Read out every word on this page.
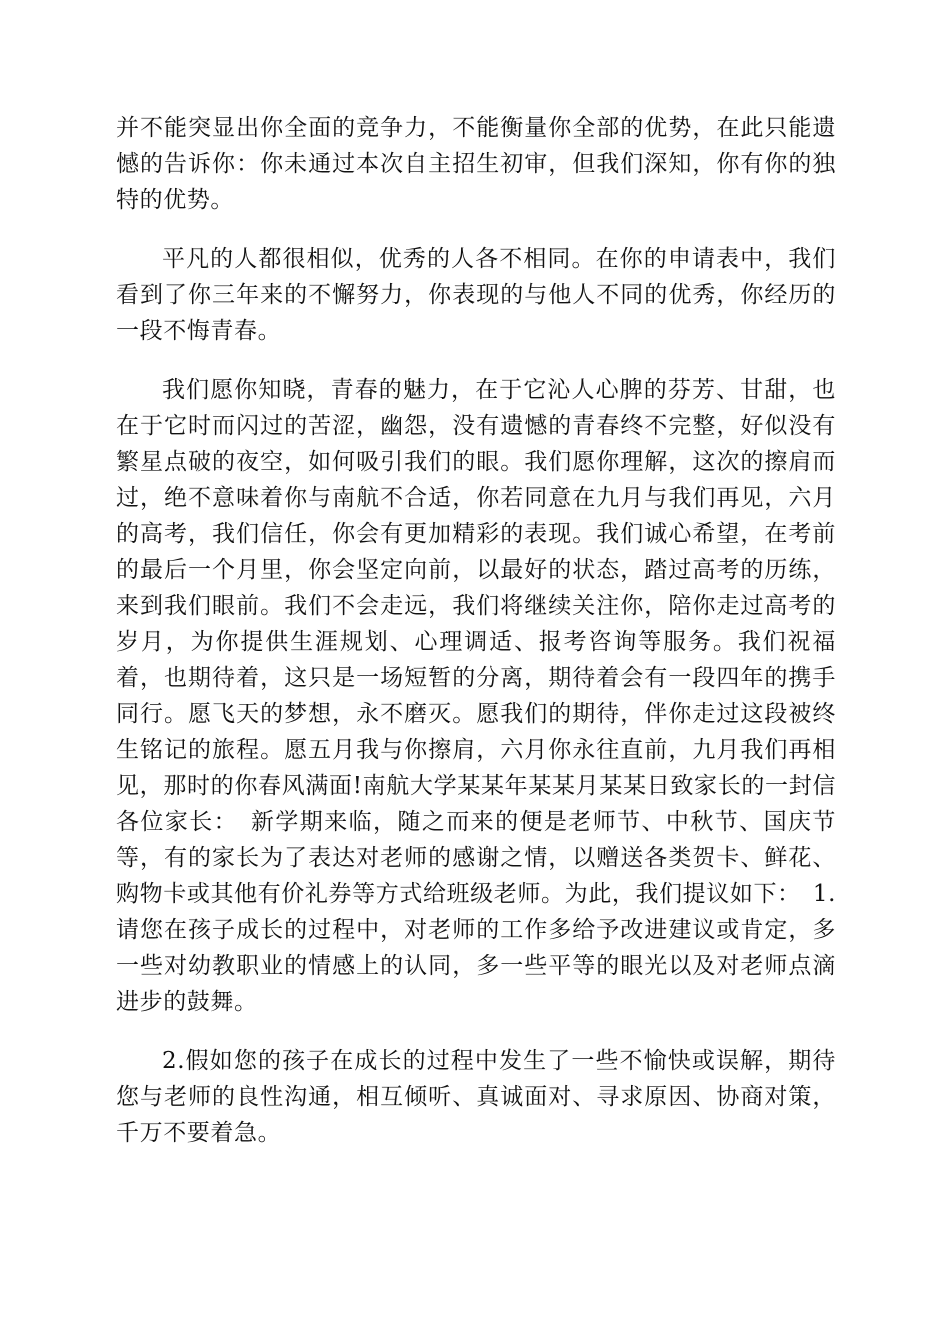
并不能突显出你全面的竞争力，不能衡量你全部的优势，在此只能遗憾的告诉你：你未通过本次自主招生初审，但我们深知，你有你的独特的优势。

平凡的人都很相似，优秀的人各不相同。在你的申请表中，我们看到了你三年来的不懈努力，你表现的与他人不同的优秀，你经历的一段不悔青春。

我们愿你知晓，青春的魅力，在于它沁人心脾的芬芳、甘甜，也在于它时而闪过的苦涩，幽怨，没有遗憾的青春终不完整，好似没有繁星点破的夜空，如何吸引我们的眼。我们愿你理解，这次的擦肩而过，绝不意味着你与南航不合适，你若同意在九月与我们再见，六月的高考，我们信任，你会有更加精彩的表现。我们诚心希望，在考前的最后一个月里，你会坚定向前，以最好的状态，踏过高考的历练，来到我们眼前。我们不会走远，我们将继续关注你，陪你走过高考的岁月，为你提供生涯规划、心理调适、报考咨询等服务。我们祝福着，也期待着，这只是一场短暂的分离，期待着会有一段四年的携手同行。愿飞天的梦想，永不磨灭。愿我们的期待，伴你走过这段被终生铭记的旅程。愿五月我与你擦肩，六月你永往直前，九月我们再相见，那时的你春风满面!南航大学某某年某某月某某日致家长的一封信各位家长：　新学期来临，随之而来的便是老师节、中秋节、国庆节等，有的家长为了表达对老师的感谢之情，以赠送各类贺卡、鲜花、购物卡或其他有价礼券等方式给班级老师。为此，我们提议如下：　1.请您在孩子成长的过程中，对老师的工作多给予改进建议或肯定，多一些对幼教职业的情感上的认同，多一些平等的眼光以及对老师点滴进步的鼓舞。

2.假如您的孩子在成长的过程中发生了一些不愉快或误解，期待您与老师的良性沟通，相互倾听、真诚面对、寻求原因、协商对策，千万不要着急。
